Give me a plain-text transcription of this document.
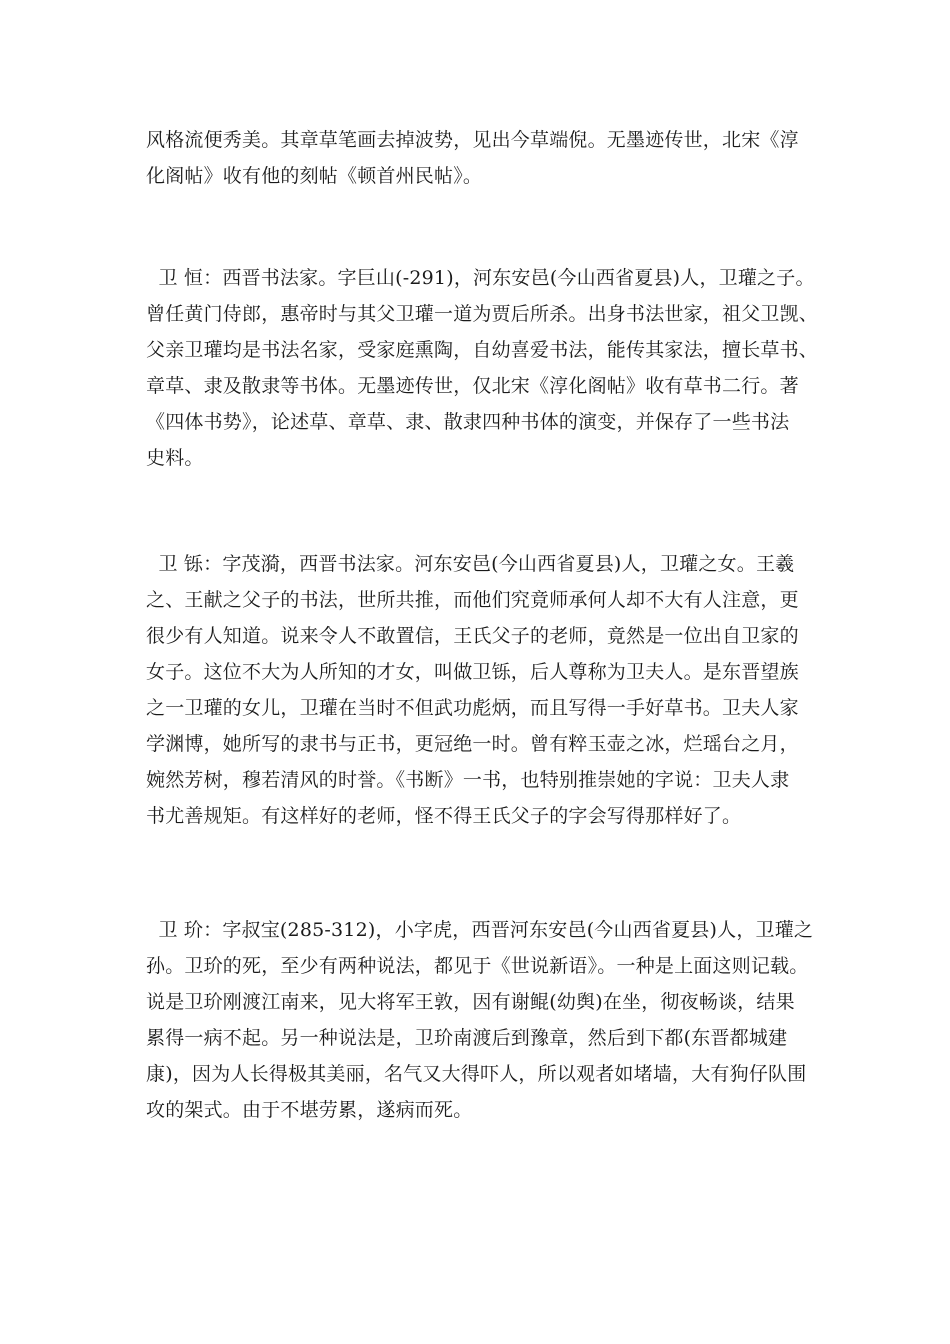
风格流便秀美。其章草笔画去掉波势，见出今草端倪。无墨迹传世，北宋《淳
化阁帖》收有他的刻帖《顿首州民帖》。

卫 恒：西晋书法家。字巨山(-291)，河东安邑(今山西省夏县)人，卫瓘之子。
曾任黄门侍郎，惠帝时与其父卫瓘一道为贾后所杀。出身书法世家，祖父卫觊、
父亲卫瓘均是书法名家，受家庭熏陶，自幼喜爱书法，能传其家法，擅长草书、
章草、隶及散隶等书体。无墨迹传世，仅北宋《淳化阁帖》收有草书二行。著
《四体书势》，论述草、章草、隶、散隶四种书体的演变，并保存了一些书法
史料。

卫 铄：字茂漪，西晋书法家。河东安邑(今山西省夏县)人，卫瓘之女。王羲
之、王献之父子的书法，世所共推，而他们究竟师承何人却不大有人注意，更
很少有人知道。说来令人不敢置信，王氏父子的老师，竟然是一位出自卫家的
女子。这位不大为人所知的才女，叫做卫铄，后人尊称为卫夫人。是东晋望族
之一卫瓘的女儿，卫瓘在当时不但武功彪炳，而且写得一手好草书。卫夫人家
学渊博，她所写的隶书与正书，更冠绝一时。曾有粹玉壶之冰，烂瑶台之月，
婉然芳树，穆若清风的时誉。《书断》一书，也特别推崇她的字说：卫夫人隶
书尤善规矩。有这样好的老师，怪不得王氏父子的字会写得那样好了。

卫 玠：字叔宝(285-312)，小字虎，西晋河东安邑(今山西省夏县)人，卫瓘之
孙。卫玠的死，至少有两种说法，都见于《世说新语》。一种是上面这则记载。
说是卫玠刚渡江南来，见大将军王敦，因有谢鲲(幼舆)在坐，彻夜畅谈，结果
累得一病不起。另一种说法是，卫玠南渡后到豫章，然后到下都(东晋都城建
康)，因为人长得极其美丽，名气又大得吓人，所以观者如堵墙，大有狗仔队围
攻的架式。由于不堪劳累，遂病而死。
